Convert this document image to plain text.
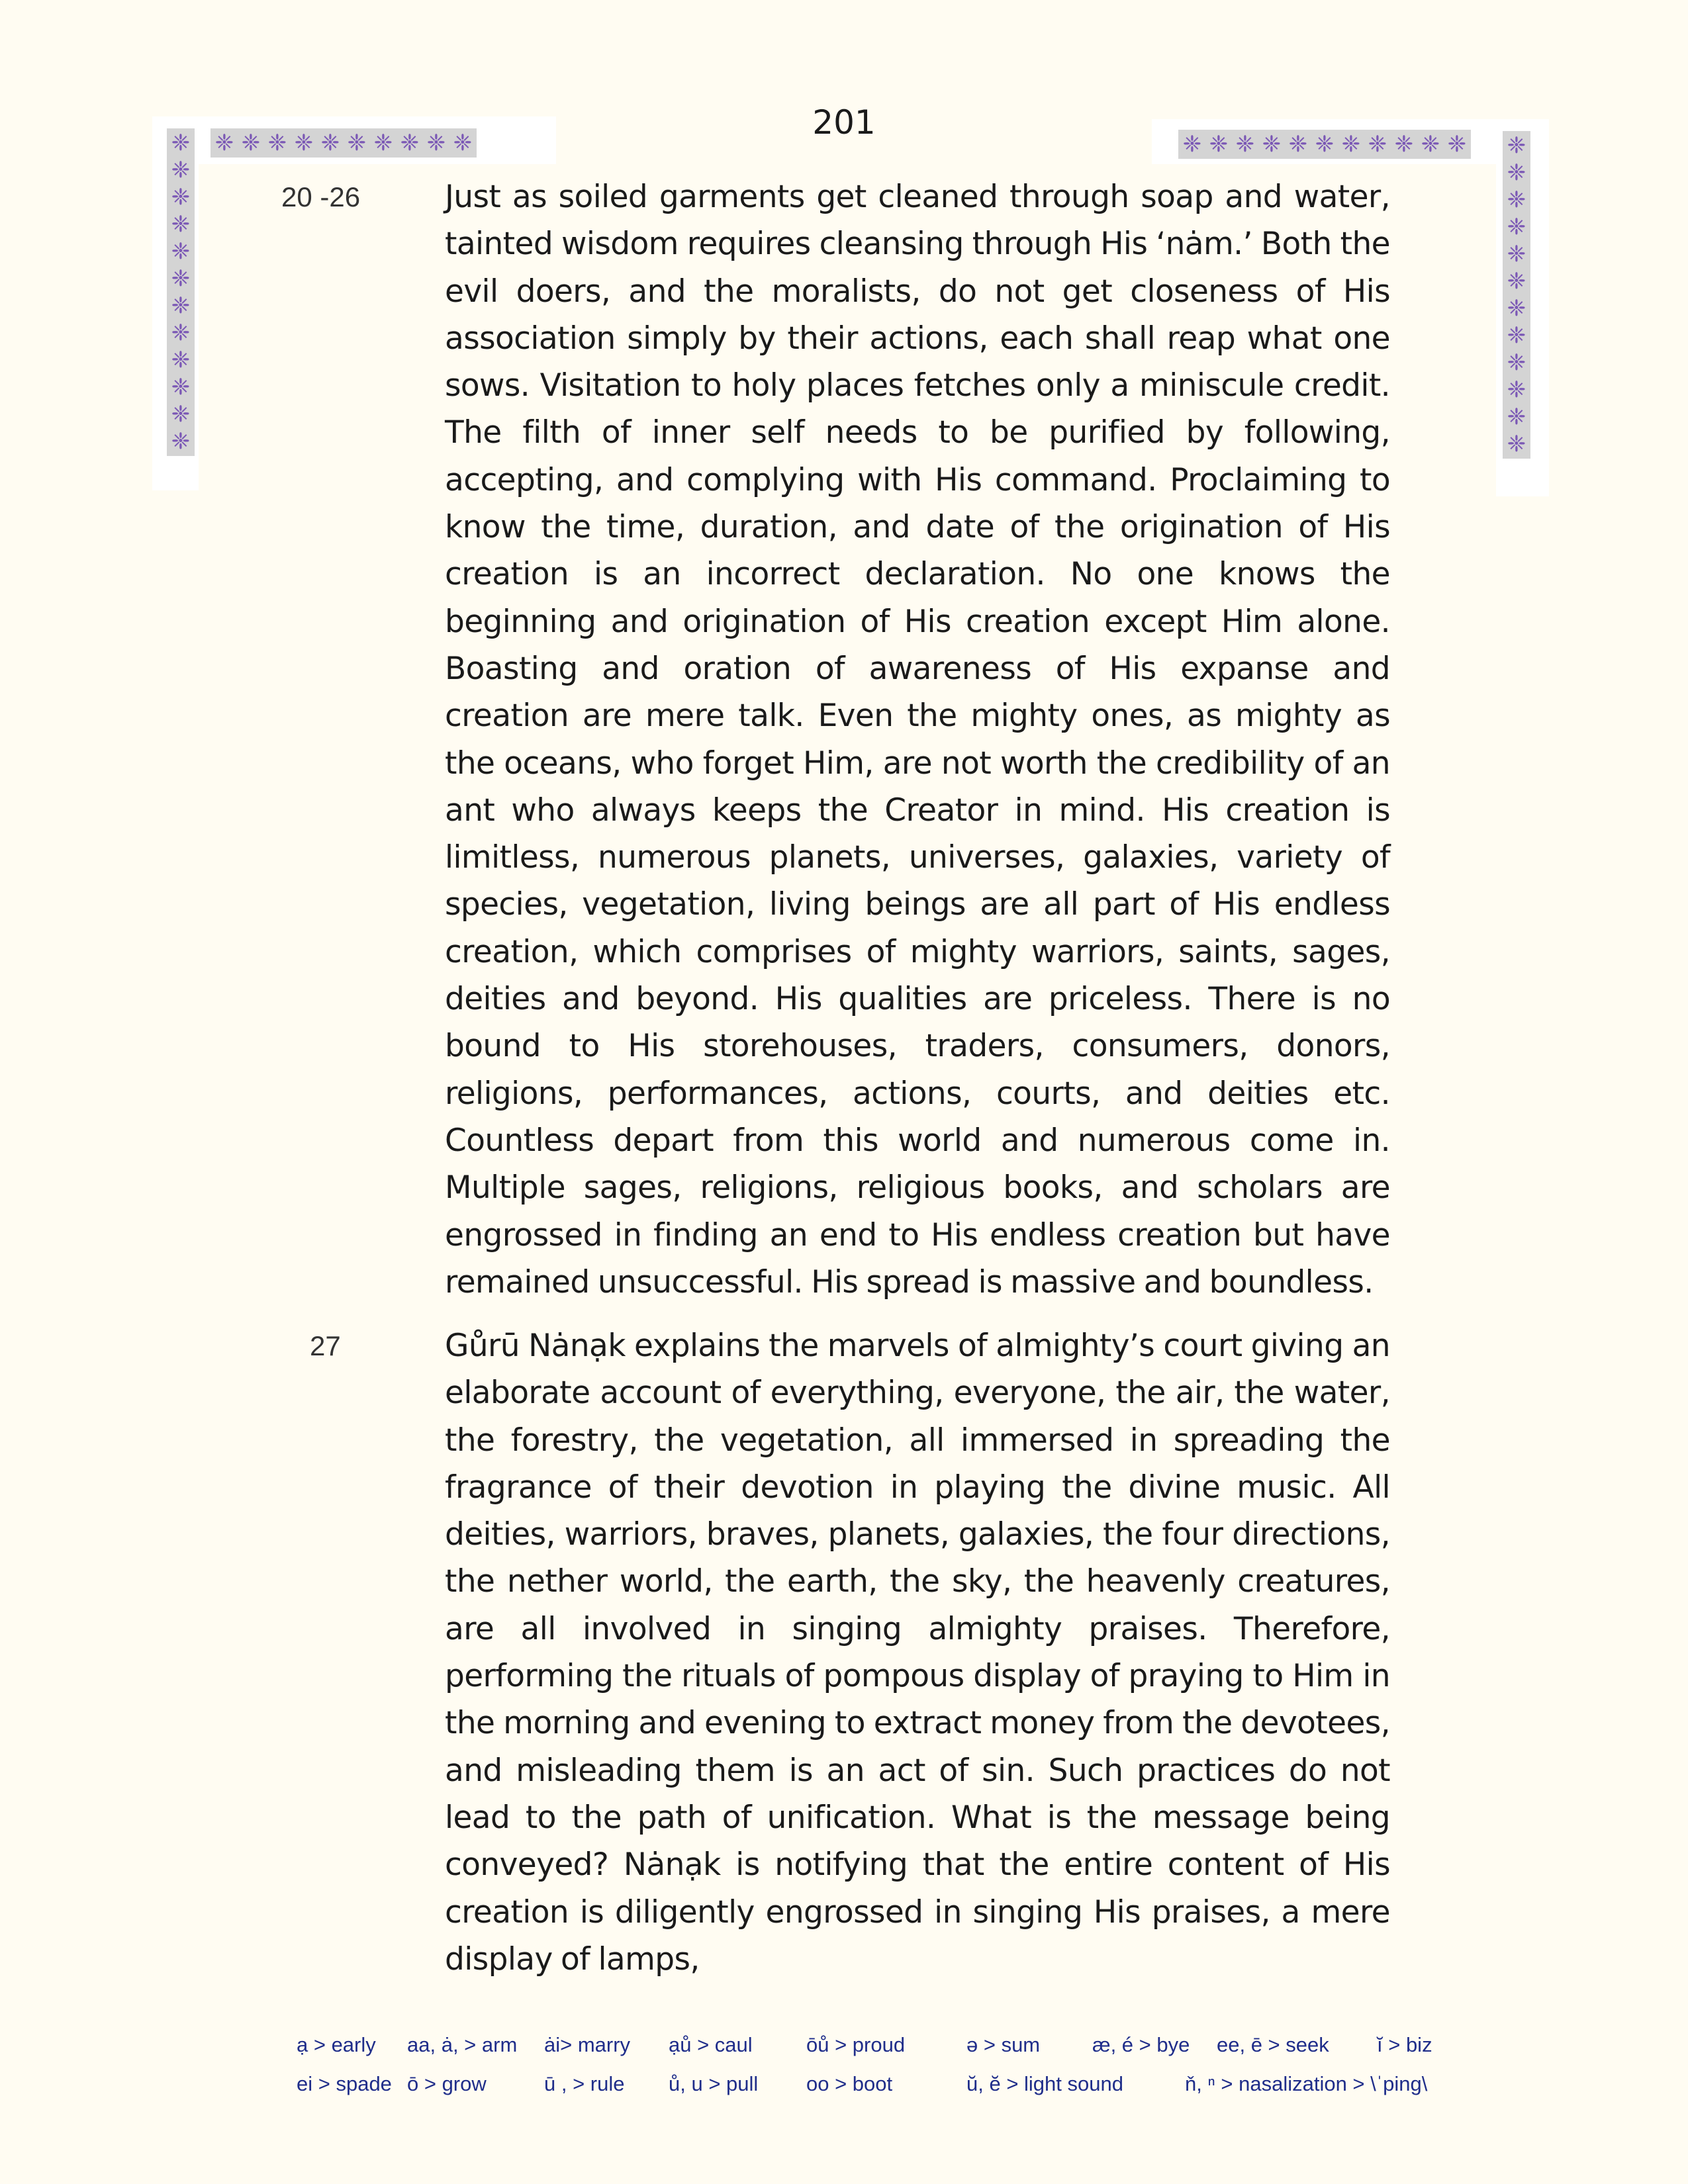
201
❈ ❈ ❈ ❈ ❈ ❈ ❈ ❈ ❈ ❈	❈ ❈ ❈ ❈ ❈ ❈ ❈ ❈ ❈ ❈ ❈
❈
❈
❈
❈
❈
❈
❈
❈
❈
❈
❈
❈
❈
❈
❈
❈
❈
❈
❈
❈
❈
❈
❈
❈
20 -26	Just as soiled garments get cleaned through soap and water, tainted wisdom requires cleansing through His ‘nȧm.’ Both the evil doers, and the moralists, do not get closeness of His association simply by their actions, each shall reap what one sows. Visitation to holy places fetches only a miniscule credit. The filth of inner self needs to be purified by following, accepting, and complying with His command. Proclaiming to know the time, duration, and date of the origination of His creation is an incorrect declaration. No one knows the beginning and origination of His creation except Him alone. Boasting and oration of awareness of His expanse and creation are mere talk. Even the mighty ones, as mighty as the oceans, who forget Him, are not worth the credibility of an ant who always keeps the Creator in mind. His creation is limitless, numerous planets, universes, galaxies, variety of species, vegetation, living beings are all part of His endless creation, which comprises of mighty warriors, saints, sages, deities and beyond. His qualities are priceless. There is no bound to His storehouses, traders, consumers, donors, religions, performances, actions, courts, and deities etc. Countless depart from this world and numerous come in. Multiple sages, religions, religious books, and scholars are engrossed in finding an end to His endless creation but have remained unsuccessful. His spread is massive and boundless.

27	Gůrū Nȧnạk explains the marvels of almighty’s court giving an elaborate account of everything, everyone, the air, the water, the forestry, the vegetation, all immersed in spreading the fragrance of their devotion in playing the divine music. All deities, warriors, braves, planets, galaxies, the four directions, the nether world, the earth, the sky, the heavenly creatures, are all involved in singing almighty praises. Therefore, performing the rituals of pompous display of praying to Him in the morning and evening to extract money from the devotees, and misleading them is an act of sin. Such practices do not lead to the path of unification. What is the message being conveyed? Nȧnạk is notifying that the entire content of His creation is diligently engrossed in singing His praises, a mere display of lamps,

ạ > early aa, ȧ, > arm ȧi> marry ạů > caul	ōů > proud	ə > sum	æ, é > bye ee, ē > seek ĭ > biz
ei > spade ō > grow	ū , > rule ů, u > pull oo > boot	ŭ, ĕ > light sound	ň, ⁿ > nasalization > \ˈping\
